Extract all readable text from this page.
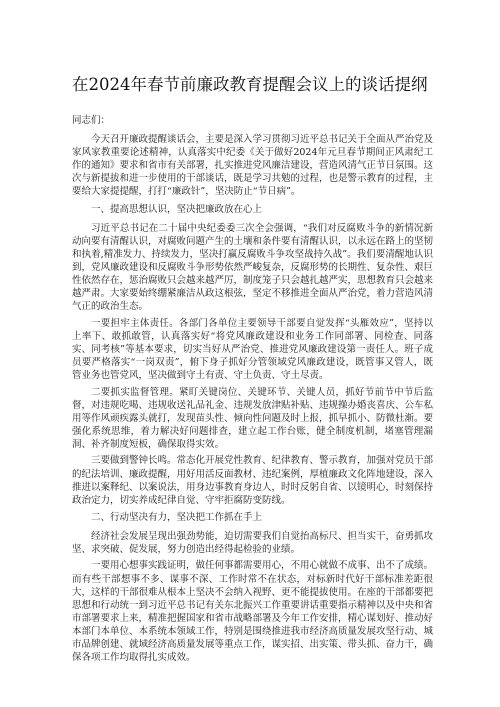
在2024年春节前廉政教育提醒会议上的谈话提纲

同志们：

今天召开廉政提醒谈话会，主要是深入学习贯彻习近平总书记关于全面从严治党及家风家教重要论述精神，认真落实中纪委《关于做好2024年元旦春节期间正风肃纪工作的通知》要求和省市有关部署，扎实推进党风廉洁建设，营造风清气正节日氛围。这次与新提拔和进一步使用的干部谈话，既是学习共勉的过程，也是警示教育的过程，主要给大家提提醒，打打“廉政针”，坚决防止“节日病”。

一、提高思想认识，坚决把廉政放在心上

习近平总书记在二十届中央纪委委三次全会强调，“我们对反腐败斗争的新情况新动向要有清醒认识，对腐败问题产生的土壤和条件要有清醒认识，以永远在路上的坚韧和执着,精准发力、持续发力，坚决打赢反腐败斗争攻坚战持久战”。我们要清醒地认识到，党风廉政建设和反腐败斗争形势依然严峻复杂，反腐形势的长期性、复杂性、艰巨性依然存在，惩治腐败只会越来越严厉，制度笼子只会越扎越严实，思想教育只会越来越严肃。大家要始终绷紧廉洁从政这根弦，坚定不移推进全面从严治党，着力营造风清气正的政治生态。

一要担牢主体责任。各部门各单位主要领导干部要自觉发挥“头雁效应”，坚持以上率下、敢抓敢管，认真落实好“将党风廉政建设和业务工作同部署、同检查、同落实、同考核”等基本要求，切实当好从严治党、推进党风廉政建设第一责任人。班子成员要严格落实“一岗双责”，俯下身子抓好分管领域党风廉政建设，既管事又管人，既管业务也管党风，坚决做到守土有责、守土负责、守土尽责。

二要抓实监督管理。紧盯关键岗位、关键环节、关键人员，抓好节前节中节后监督，对违规吃喝、违规收送礼品礼金、违规发放津贴补贴、违规操办婚丧喜庆、公车私用等作风顽疾露头就打，发现苗头性、倾向性问题及时上报，抓早抓小、防微杜渐。要强化系统思维，着力解决好问题排查，建立起工作台账，健全制度机制，堵塞管理漏洞、补齐制度短板，确保取得实效。

三要做到警钟长鸣。常态化开展党性教育、纪律教育、警示教育，加强对党员干部的纪法培训、廉政提醒，用好用活反面教材、违纪案例，厚植廉政文化阵地建设，深入推进以案释纪、以案说法，用身边事教育身边人，时时反躬自省、以镜明心，时刻保持政治定力，切实养成纪律自觉、守牢拒腐防变防线。

二、行动坚决有力，坚决把工作抓在手上

经济社会发展呈现出强劲势能，迫切需要我们自觉抬高标尺、担当实干，奋勇抓攻坚、求突破、促发展，努力创造出经得起检验的业绩。

一要用心想事实践证明，做任何事都需要用心，不用心就做不成事、出不了成绩。而有些干部想事不多、谋事不深、工作时常不在状态，对标新时代好干部标准差距很大，这样的干部很难从根本上坚决不会纳入视野、更不能提拔使用。在座的干部都要把思想和行动统一到习近平总书记有关东北振兴工作重要讲话重要指示精神以及中央和省市部署要求上来，精准把握国家和省市战略部署及今年工作安排，精心谋划好、推动好本部门本单位、本系统本领域工作，特别是围绕推进我市经济高质量发展攻坚行动、城市品牌创建、就域经济高质量发展等重点工作，谋实招、出实策、带头抓、奋力干，确保各项工作均取得扎实成效。
